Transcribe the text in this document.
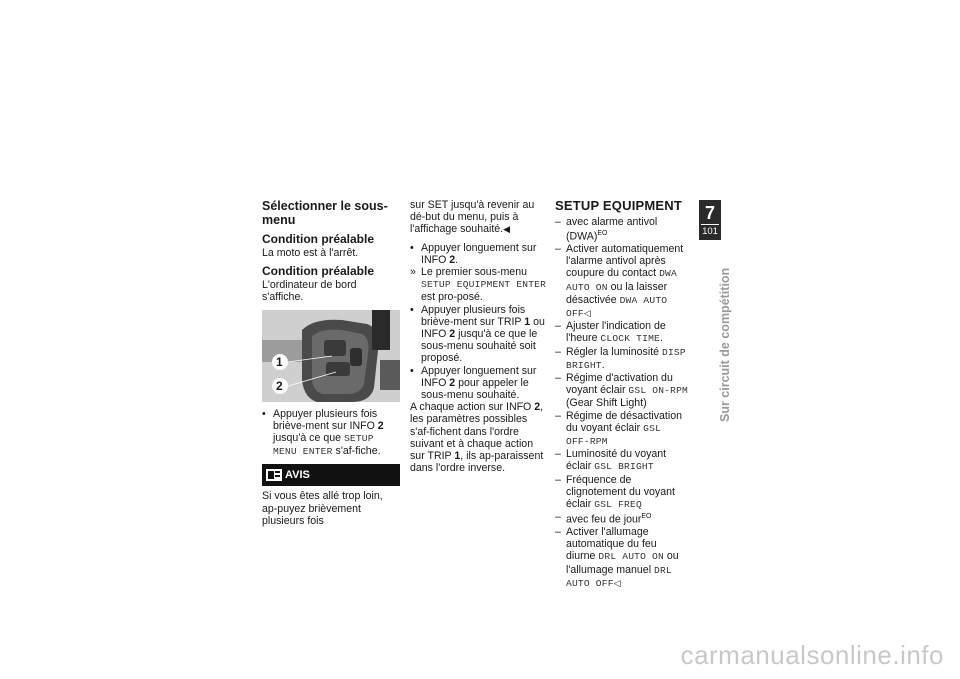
Sélectionner le sous-menu
Condition préalable

La moto est à l'arrêt.

Condition préalable

L'ordinateur de bord s'affiche.

1
2
• Appuyer plusieurs fois briève-ment sur INFO 2 jusqu'à ce que SETUP MENU ENTER s'af-fiche.
AVIS

Si vous êtes allé trop loin, ap-puyez brièvement plusieurs fois

sur SET jusqu'à revenir au dé-but du menu, puis à l'affichage souhaité.◀

• Appuyer longuement sur INFO 2.
» Le premier sous-menu SETUP EQUIPMENT ENTER est pro-posé.
• Appuyer plusieurs fois briève-ment sur TRIP 1 ou INFO 2 jusqu'à ce que le sous-menu souhaité soit proposé.
• Appuyer longuement sur INFO 2 pour appeler le sous-menu souhaité.

A chaque action sur INFO 2, les paramètres possibles s'af-fichent dans l'ordre suivant et à chaque action sur TRIP 1, ils ap-paraissent dans l'ordre inverse.

SETUP EQUIPMENT
– avec alarme antivol (DWA)$^{EO}$
– Activer automatiquement l'alarme antivol après coupure du contact DWA AUTO ON ou la laisser désactivée DWA AUTO OFF◁
– Ajuster l'indication de l'heure CLOCK TIME.
– Régler la luminosité DISP BRIGHT.
– Régime d'activation du voyant éclair GSL ON-RPM (Gear Shift Light)
– Régime de désactivation du voyant éclair GSL OFF-RPM
– Luminosité du voyant éclair GSL BRIGHT
– Fréquence de clignotement du voyant éclair GSL FREQ
– avec feu de jour$^{EO}$
– Activer l'allumage automatique du feu diurne DRL AUTO ON ou l'allumage manuel DRL AUTO OFF◁
7
101
Sur circuit de compétition
carmanualsonline.info
